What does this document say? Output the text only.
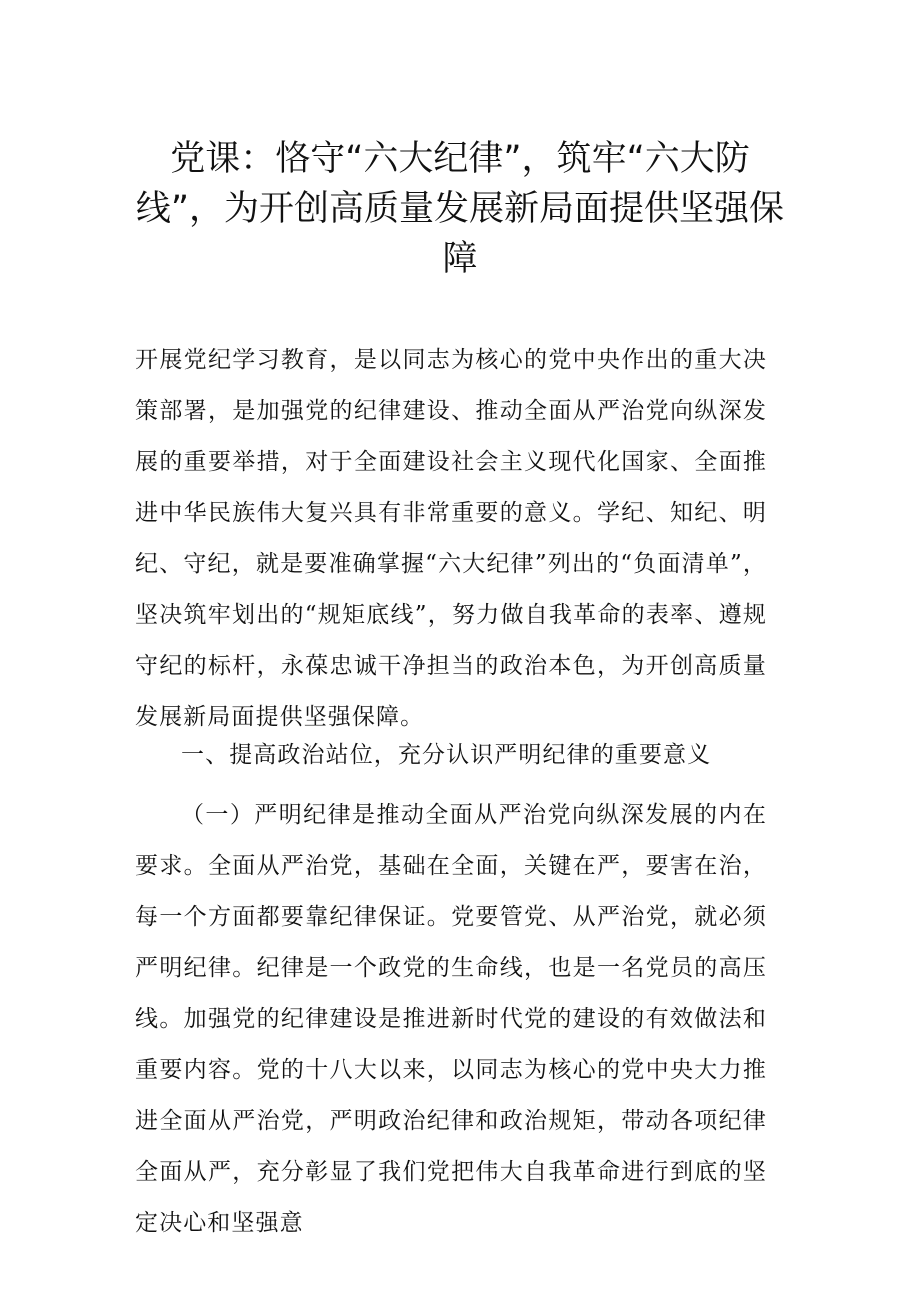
党课：恪守“六大纪律”，筑牢“六大防线”，为开创高质量发展新局面提供坚强保障

开展党纪学习教育，是以同志为核心的党中央作出的重大决策部署，是加强党的纪律建设、推动全面从严治党向纵深发展的重要举措，对于全面建设社会主义现代化国家、全面推进中华民族伟大复兴具有非常重要的意义。学纪、知纪、明纪、守纪，就是要准确掌握“六大纪律”列出的“负面清单”，坚决筑牢划出的“规矩底线”，努力做自我革命的表率、遵规守纪的标杆，永葆忠诚干净担当的政治本色，为开创高质量发展新局面提供坚强保障。

一、提高政治站位，充分认识严明纪律的重要意义

（一）严明纪律是推动全面从严治党向纵深发展的内在要求。全面从严治党，基础在全面，关键在严，要害在治，每一个方面都要靠纪律保证。党要管党、从严治党，就必须严明纪律。纪律是一个政党的生命线，也是一名党员的高压线。加强党的纪律建设是推进新时代党的建设的有效做法和重要内容。党的十八大以来，以同志为核心的党中央大力推进全面从严治党，严明政治纪律和政治规矩，带动各项纪律全面从严，充分彰显了我们党把伟大自我革命进行到底的坚定决心和坚强意
